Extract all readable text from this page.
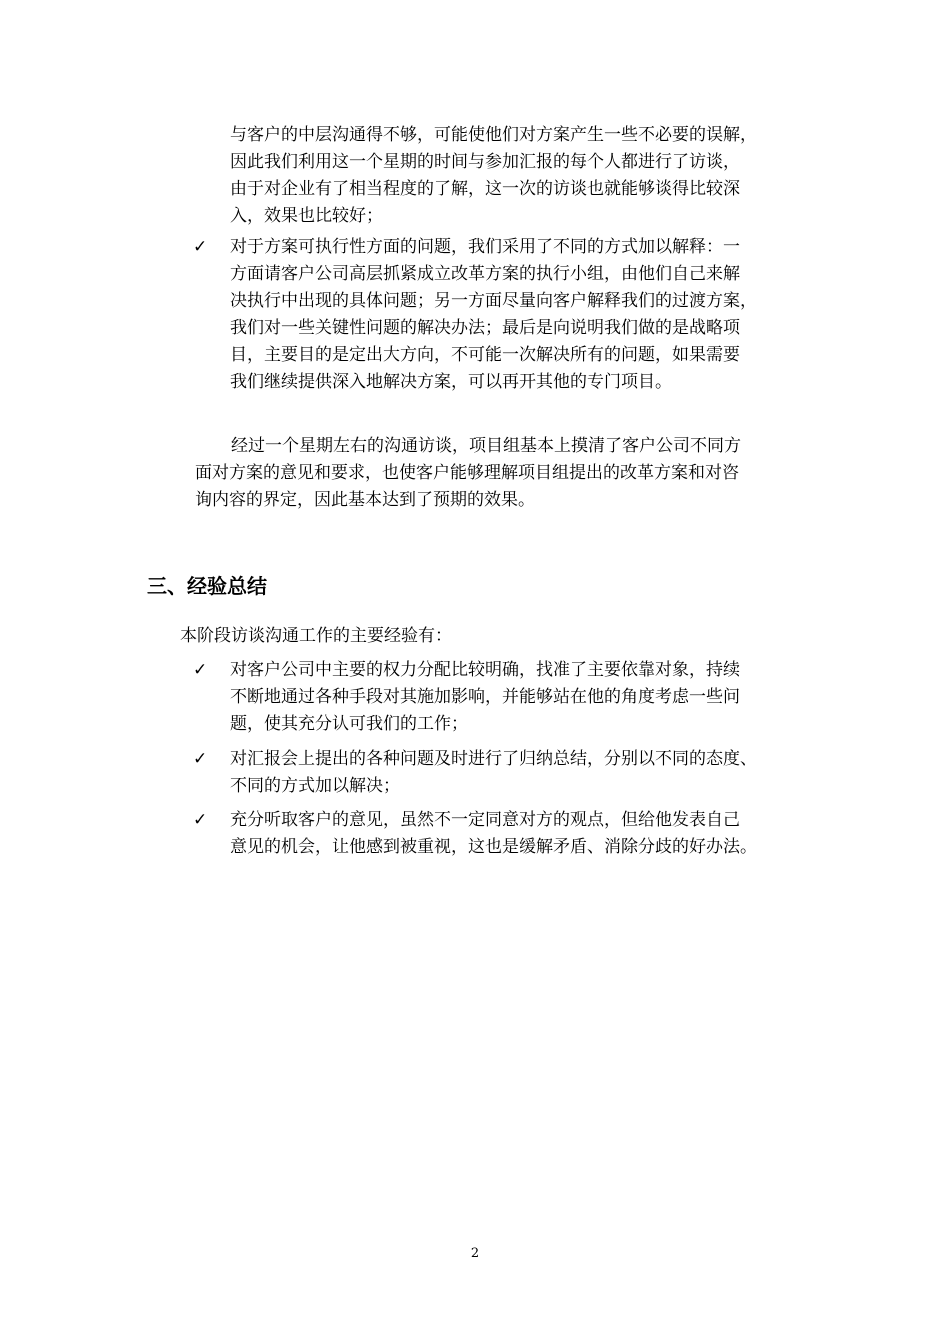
与客户的中层沟通得不够，可能使他们对方案产生一些不必要的误解，
因此我们利用这一个星期的时间与参加汇报的每个人都进行了访谈，
由于对企业有了相当程度的了解，这一次的访谈也就能够谈得比较深
入，效果也比较好；
✓ 对于方案可执行性方面的问题，我们采用了不同的方式加以解释：一
方面请客户公司高层抓紧成立改革方案的执行小组，由他们自己来解
决执行中出现的具体问题；另一方面尽量向客户解释我们的过渡方案，
我们对一些关键性问题的解决办法；最后是向说明我们做的是战略项
目，主要目的是定出大方向，不可能一次解决所有的问题，如果需要
我们继续提供深入地解决方案，可以再开其他的专门项目。
经过一个星期左右的沟通访谈，项目组基本上摸清了客户公司不同方
面对方案的意见和要求，也使客户能够理解项目组提出的改革方案和对咨
询内容的界定，因此基本达到了预期的效果。
三、经验总结
本阶段访谈沟通工作的主要经验有：
✓ 对客户公司中主要的权力分配比较明确，找准了主要依靠对象，持续
不断地通过各种手段对其施加影响，并能够站在他的角度考虑一些问
题，使其充分认可我们的工作；
✓ 对汇报会上提出的各种问题及时进行了归纳总结，分别以不同的态度、
不同的方式加以解决；
✓ 充分听取客户的意见，虽然不一定同意对方的观点，但给他发表自己
意见的机会，让他感到被重视，这也是缓解矛盾、消除分歧的好办法。
2
